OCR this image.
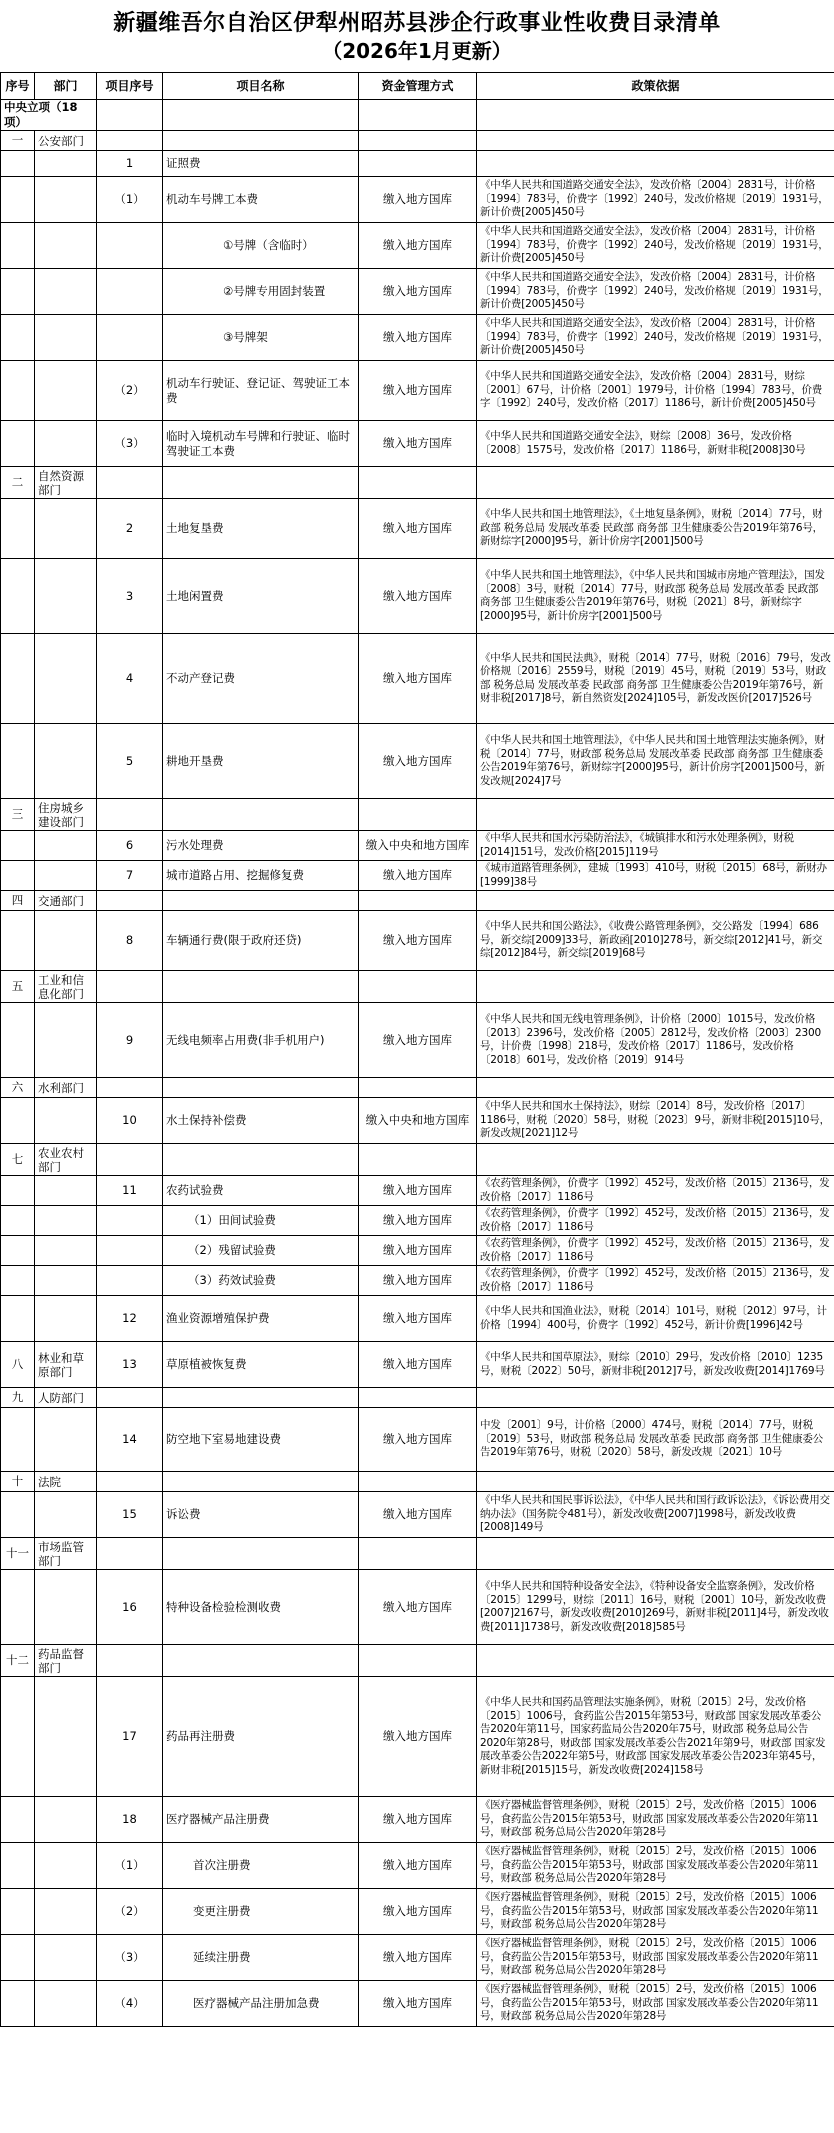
新疆维吾尔自治区伊犁州昭苏县涉企行政事业性收费目录清单
（2026年1月更新）
序号	部门	项目序号	项目名称	资金管理方式	政策依据
中央立项（18项）					
一	公安部门				
		1	证照费		
		（1）	机动车号牌工本费	缴入地方国库	《中华人民共和国道路交通安全法》，发改价格〔2004〕2831号，计价格〔1994〕783号，价费字〔1992〕240号，发改价格规〔2019〕1931号，新计价费[2005]450号
			①号牌（含临时）	缴入地方国库	《中华人民共和国道路交通安全法》，发改价格〔2004〕2831号，计价格〔1994〕783号，价费字〔1992〕240号，发改价格规〔2019〕1931号，新计价费[2005]450号
			②号牌专用固封装置	缴入地方国库	《中华人民共和国道路交通安全法》，发改价格〔2004〕2831号，计价格〔1994〕783号，价费字〔1992〕240号，发改价格规〔2019〕1931号，新计价费[2005]450号
			③号牌架	缴入地方国库	《中华人民共和国道路交通安全法》，发改价格〔2004〕2831号，计价格〔1994〕783号，价费字〔1992〕240号，发改价格规〔2019〕1931号，新计价费[2005]450号
		（2）	机动车行驶证、登记证、驾驶证工本费	缴入地方国库	《中华人民共和国道路交通安全法》，发改价格〔2004〕2831号，财综〔2001〕67号，计价格〔2001〕1979号，计价格〔1994〕783号，价费字〔1992〕240号，发改价格〔2017〕1186号，新计价费[2005]450号
		（3）	临时入境机动车号牌和行驶证、临时驾驶证工本费	缴入地方国库	《中华人民共和国道路交通安全法》，财综〔2008〕36号，发改价格〔2008〕1575号，发改价格〔2017〕1186号，新财非税[2008]30号
二	自然资源部门				
		2	土地复垦费	缴入地方国库	《中华人民共和国土地管理法》，《土地复垦条例》，财税〔2014〕77号，财政部 税务总局 发展改革委 民政部 商务部 卫生健康委公告2019年第76号，新财综字[2000]95号，新计价房字[2001]500号
		3	土地闲置费	缴入地方国库	《中华人民共和国土地管理法》，《中华人民共和国城市房地产管理法》，国发〔2008〕3号，财税〔2014〕77号，财政部 税务总局 发展改革委 民政部 商务部 卫生健康委公告2019年第76号，财税〔2021〕8号，新财综字[2000]95号，新计价房字[2001]500号
		4	不动产登记费	缴入地方国库	《中华人民共和国民法典》，财税〔2014〕77号，财税〔2016〕79号，发改价格规〔2016〕2559号，财税〔2019〕45号，财税〔2019〕53号，财政部 税务总局 发展改革委 民政部 商务部 卫生健康委公告2019年第76号，新财非税[2017]8号，新自然资发[2024]105号，新发改医价[2017]526号
		5	耕地开垦费	缴入地方国库	《中华人民共和国土地管理法》，《中华人民共和国土地管理法实施条例》，财税〔2014〕77号，财政部 税务总局 发展改革委 民政部 商务部 卫生健康委公告2019年第76号，新财综字[2000]95号，新计价房字[2001]500号，新发改规[2024]7号
三	住房城乡建设部门				
		6	污水处理费	缴入中央和地方国库	《中华人民共和国水污染防治法》，《城镇排水和污水处理条例》，财税[2014]151号，发改价格[2015]119号
		7	城市道路占用、挖掘修复费	缴入地方国库	《城市道路管理条例》，建城〔1993〕410号，财税〔2015〕68号，新财办[1999]38号
四	交通部门				
		8	车辆通行费(限于政府还贷)	缴入地方国库	《中华人民共和国公路法》，《收费公路管理条例》，交公路发〔1994〕686号，新交综[2009]33号，新政函[2010]278号，新交综[2012]41号，新交综[2012]84号，新交综[2019]68号
五	工业和信息化部门				
		9	无线电频率占用费(非手机用户)	缴入地方国库	《中华人民共和国无线电管理条例》，计价格〔2000〕1015号，发改价格〔2013〕2396号，发改价格〔2005〕2812号，发改价格〔2003〕2300号，计价费〔1998〕218号，发改价格〔2017〕1186号，发改价格〔2018〕601号，发改价格〔2019〕914号
六	水利部门				
		10	水土保持补偿费	缴入中央和地方国库	《中华人民共和国水土保持法》，财综〔2014〕8号，发改价格〔2017〕1186号，财税〔2020〕58号，财税〔2023〕9号，新财非税[2015]10号，新发改规[2021]12号
七	农业农村部门				
		11	农药试验费	缴入地方国库	《农药管理条例》，价费字〔1992〕452号，发改价格〔2015〕2136号，发改价格〔2017〕1186号
			（1）田间试验费	缴入地方国库	《农药管理条例》，价费字〔1992〕452号，发改价格〔2015〕2136号，发改价格〔2017〕1186号
			（2）残留试验费	缴入地方国库	《农药管理条例》，价费字〔1992〕452号，发改价格〔2015〕2136号，发改价格〔2017〕1186号
			（3）药效试验费	缴入地方国库	《农药管理条例》，价费字〔1992〕452号，发改价格〔2015〕2136号，发改价格〔2017〕1186号
		12	渔业资源增殖保护费	缴入地方国库	《中华人民共和国渔业法》，财税〔2014〕101号，财税〔2012〕97号，计价格〔1994〕400号，价费字〔1992〕452号，新计价费[1996]42号
八	林业和草原部门	13	草原植被恢复费	缴入地方国库	《中华人民共和国草原法》，财综〔2010〕29号，发改价格〔2010〕1235号，财税〔2022〕50号，新财非税[2012]7号，新发改收费[2014]1769号
九	人防部门				
		14	防空地下室易地建设费	缴入地方国库	中发〔2001〕9号，计价格〔2000〕474号，财税〔2014〕77号，财税〔2019〕53号，财政部 税务总局 发展改革委 民政部 商务部 卫生健康委公告2019年第76号，财税〔2020〕58号，新发改规〔2021〕10号
十	法院				
		15	诉讼费	缴入地方国库	《中华人民共和国民事诉讼法》，《中华人民共和国行政诉讼法》，《诉讼费用交纳办法》（国务院令481号），新发改收费[2007]1998号，新发改收费[2008]149号
十一	市场监管部门				
		16	特种设备检验检测收费	缴入地方国库	《中华人民共和国特种设备安全法》，《特种设备安全监察条例》，发改价格〔2015〕1299号，财综〔2011〕16号，财税〔2001〕10号，新发改收费[2007]2167号，新发改收费[2010]269号，新财非税[2011]4号，新发改收费[2011]1738号，新发改收费[2018]585号
十二	药品监督部门				
		17	药品再注册费	缴入地方国库	《中华人民共和国药品管理法实施条例》，财税〔2015〕2号，发改价格〔2015〕1006号，食药监公告2015年第53号，财政部 国家发展改革委公告2020年第11号，国家药监局公告2020年75号，财政部 税务总局公告2020年第28号，财政部 国家发展改革委公告2021年第9号，财政部 国家发展改革委公告2022年第5号，财政部 国家发展改革委公告2023年第45号，新财非税[2015]15号，新发改收费[2024]158号
		18	医疗器械产品注册费	缴入地方国库	《医疗器械监督管理条例》，财税〔2015〕2号，发改价格〔2015〕1006号，食药监公告2015年第53号，财政部 国家发展改革委公告2020年第11号，财政部 税务总局公告2020年第28号
		（1）	首次注册费	缴入地方国库	《医疗器械监督管理条例》，财税〔2015〕2号，发改价格〔2015〕1006号，食药监公告2015年第53号，财政部 国家发展改革委公告2020年第11号，财政部 税务总局公告2020年第28号
		（2）	变更注册费	缴入地方国库	《医疗器械监督管理条例》，财税〔2015〕2号，发改价格〔2015〕1006号，食药监公告2015年第53号，财政部 国家发展改革委公告2020年第11号，财政部 税务总局公告2020年第28号
		（3）	延续注册费	缴入地方国库	《医疗器械监督管理条例》，财税〔2015〕2号，发改价格〔2015〕1006号，食药监公告2015年第53号，财政部 国家发展改革委公告2020年第11号，财政部 税务总局公告2020年第28号
		（4）	医疗器械产品注册加急费	缴入地方国库	《医疗器械监督管理条例》，财税〔2015〕2号，发改价格〔2015〕1006号，食药监公告2015年第53号，财政部 国家发展改革委公告2020年第11号，财政部 税务总局公告2020年第28号
